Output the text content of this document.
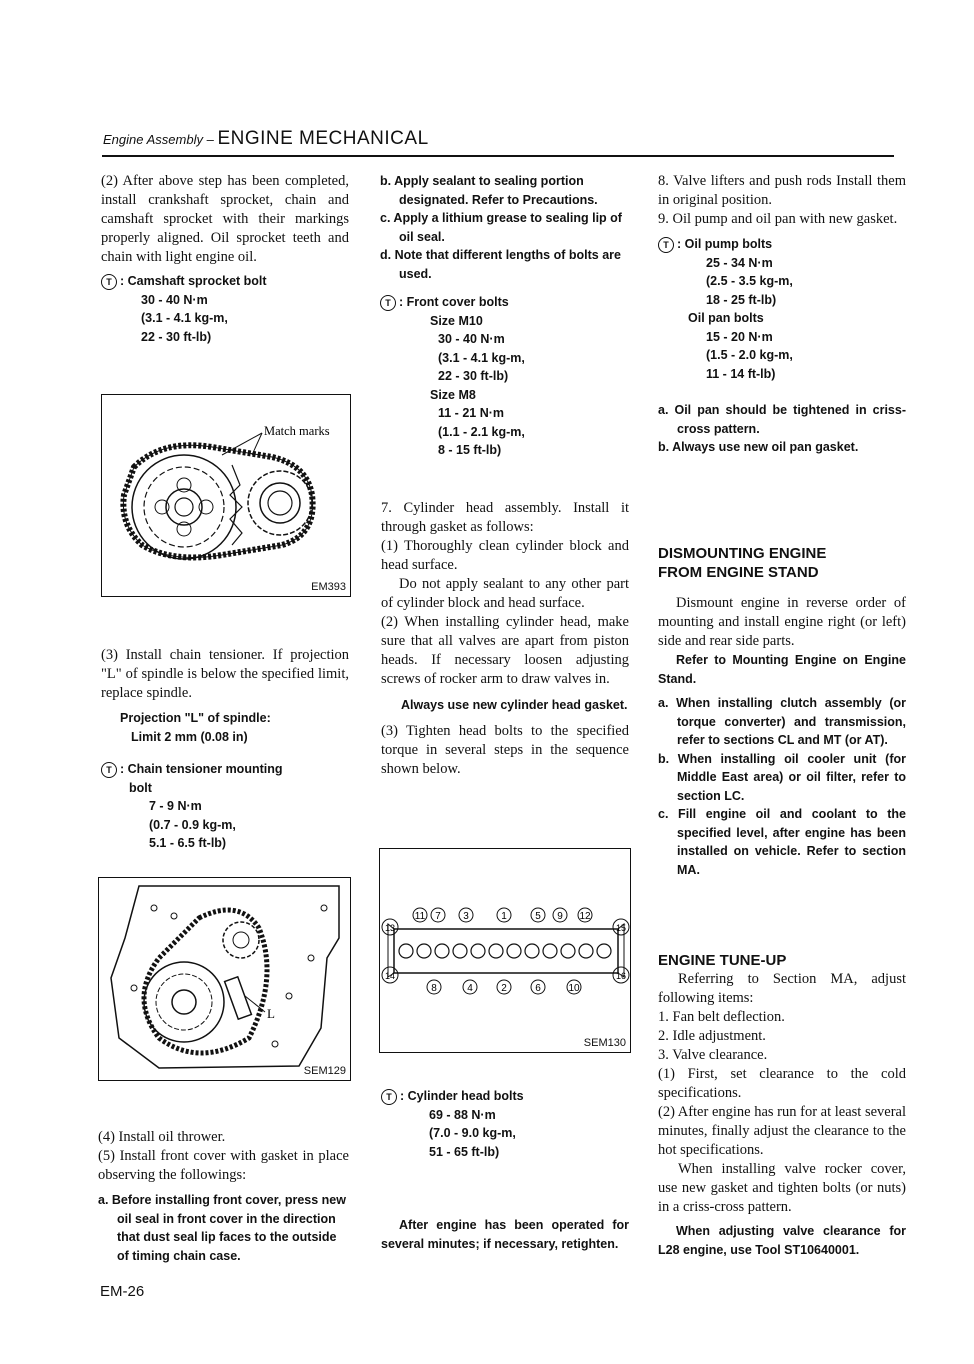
Engine Assembly – ENGINE MECHANICAL

(2) After above step has been completed, install crankshaft sprocket, chain and camshaft sprocket with their markings properly aligned. Oil sprocket teeth and chain with light engine oil.

T : Camshaft sprocket bolt

30 - 40 N·m

(3.1 - 4.1 kg-m,

22 - 30 ft-lb)

Match marks
EM393

(3) Install chain tensioner. If projection "L" of spindle is below the specified limit, replace spindle.

Projection "L" of spindle:

Limit 2 mm (0.08 in)

T : Chain tensioner mounting

bolt

7 - 9 N·m

(0.7 - 0.9 kg-m,

5.1 - 6.5 ft-lb)

L
SEM129

(4) Install oil thrower.

(5) Install front cover with gasket in place observing the followings:

a. Before installing front cover, press new oil seal in front cover in the direction that dust seal lip faces to the outside of timing chain case.

b. Apply sealant to sealing portion designated. Refer to Precautions.

c. Apply a lithium grease to sealing lip of oil seal.

d. Note that different lengths of bolts are used.

T : Front cover bolts

Size M10

30 - 40 N·m

(3.1 - 4.1 kg-m,

22 - 30 ft-lb)

Size M8

11 - 21 N·m

(1.1 - 2.1 kg-m,

8 - 15 ft-lb)

7. Cylinder head assembly. Install it through gasket as follows:

(1) Thoroughly clean cylinder block and head surface.

Do not apply sealant to any other part of cylinder block and head surface.

(2) When installing cylinder head, make sure that all valves are apart from piston heads. If necessary loosen adjusting screws of rocker arm to draw valves in.

Always use new cylinder head gasket.

(3) Tighten head bolts to the specified torque in several steps in the sequence shown below.

11 7 3	1	5 9 12
8	4	2	6	10
13
14
15
16
SEM130

T : Cylinder head bolts

69 - 88 N·m

(7.0 - 9.0 kg-m,

51 - 65 ft-lb)

After engine has been operated for several minutes; if necessary, retighten.

8. Valve lifters and push rods Install them in original position.

9. Oil pump and oil pan with new gasket.

T : Oil pump bolts

25 - 34 N·m

(2.5 - 3.5 kg-m,

18 - 25 ft-lb)

Oil pan bolts

15 - 20 N·m

(1.5 - 2.0 kg-m,

11 - 14 ft-lb)

a. Oil pan should be tightened in criss-cross pattern.

b. Always use new oil pan gasket.

DISMOUNTING ENGINE

FROM ENGINE STAND

Dismount engine in reverse order of mounting and install engine right (or left) side and rear side parts.

Refer to Mounting Engine on Engine Stand.

a. When installing clutch assembly (or torque converter) and transmission, refer to sections CL and MT (or AT).

b. When installing oil cooler unit (for Middle East area) or oil filter, refer to section LC.

c. Fill engine oil and coolant to the specified level, after engine has been installed on vehicle. Refer to section MA.

ENGINE TUNE-UP

Referring to Section MA, adjust following items:

1. Fan belt deflection.

2. Idle adjustment.

3. Valve clearance.

(1) First, set clearance to the cold specifications.

(2) After engine has run for at least several minutes, finally adjust the clearance to the hot specifications.

When installing valve rocker cover, use new gasket and tighten bolts (or nuts) in a criss-cross pattern.

When adjusting valve clearance for L28 engine, use Tool ST10640001.

EM-26
